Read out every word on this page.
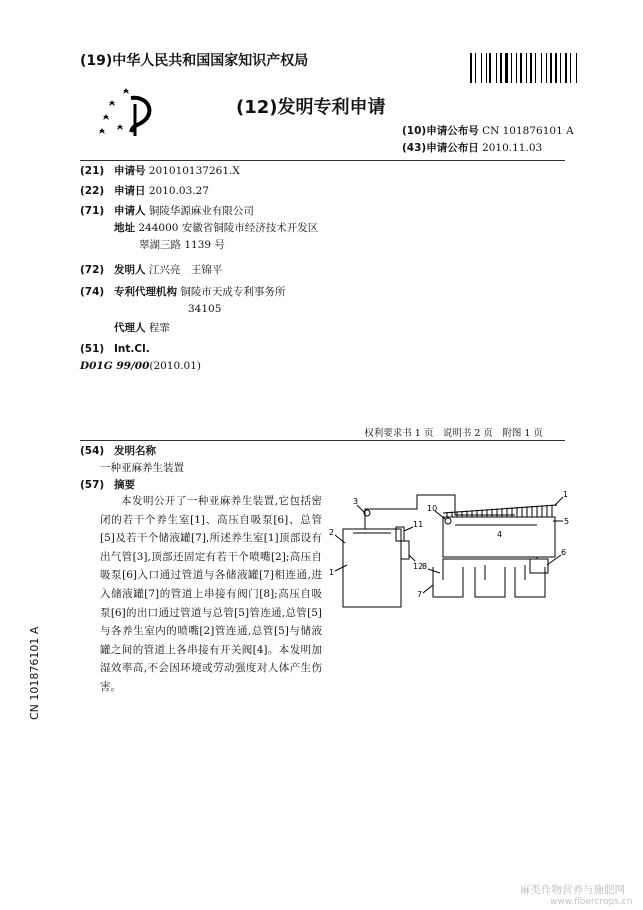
(19)中华人民共和国国家知识产权局
(12)发明专利申请
(10)申请公布号 CN 101876101 A
(43)申请公布日 2010.11.03
(21) 申请号 201010137261.X
(22) 申请日 2010.03.27
(71) 申请人 铜陵华源麻业有限公司
地址 244000 安徽省铜陵市经济技术开发区
翠湖三路 1139 号
(72) 发明人 江兴亮　王锦平
(74) 专利代理机构 铜陵市天成专利事务所
34105
代理人 程霏
(51) Int.Cl.
D01G 99/00(2010.01)
权利要求书 1 页　说明书 2 页　附图 1 页
(54) 发明名称
一种亚麻养生装置
(57) 摘要
本发明公开了一种亚麻养生装置,它包括密闭的若干个养生室[1]、高压自吸泵[6]、总管[5]及若干个储液罐[7],所述养生室[1]顶部设有出气管[3],顶部还固定有若干个喷嘴[2];高压自吸泵[6]入口通过管道与各储液罐[7]相连通,进入储液罐[7]的管道上串接有阀门[8];高压自吸泵[6]的出口通过管道与总管[5]管连通,总管[5]与各养生室内的喷嘴[2]管连通,总管[5]与储液罐之间的管道上各串接有开关阀[4]。本发明加湿效率高,不会因环境或劳动强度对人体产生伤害。
1
5
6
7
8
10
3
2
1
11
12
4
CN 101876101 A
麻类作物营养与施肥网
www.fibercrops.cn
